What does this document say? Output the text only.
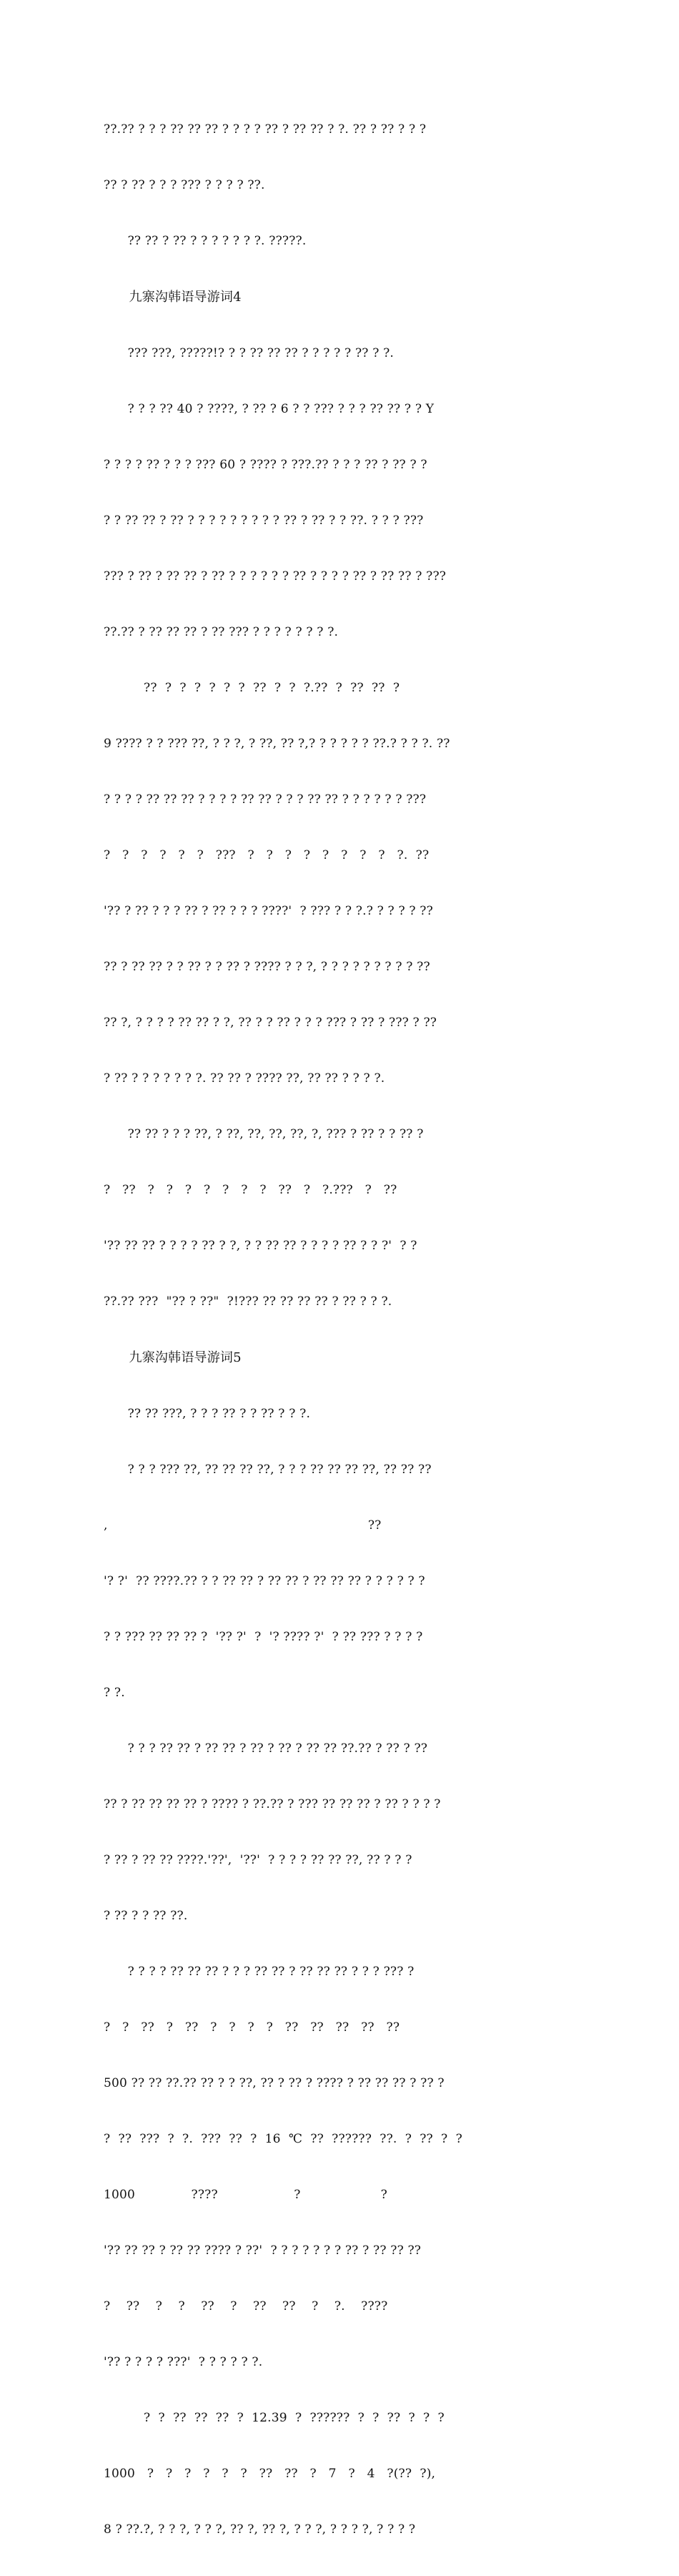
??.?? ? ? ? ?? ?? ?? ? ? ? ? ?? ? ?? ?? ? ?. ?? ? ?? ? ? ?

?? ? ?? ? ? ? ??? ? ? ? ? ??.

?? ?? ? ?? ? ? ? ? ? ? ?. ?????.

九寨沟韩语导游词4

??? ???, ?????!? ? ? ?? ?? ?? ? ? ? ? ? ?? ? ?.

? ? ? ?? 40 ? ????, ? ?? ? 6 ? ? ??? ? ? ? ?? ?? ? ? Y

? ? ? ? ?? ? ? ? ??? 60 ? ???? ? ???.?? ? ? ? ?? ? ?? ? ?

? ? ?? ?? ? ?? ? ? ? ? ? ? ? ? ? ?? ? ?? ? ? ??. ? ? ? ???

??? ? ?? ? ?? ?? ? ?? ? ? ? ? ? ? ?? ? ? ? ? ?? ? ?? ?? ? ???

??.?? ? ?? ?? ?? ? ?? ??? ? ? ? ? ? ? ? ?.

??  ?  ?  ?  ?  ?  ?  ??  ?  ?  ?.??  ?  ??  ??  ?

9 ???? ? ? ??? ??, ? ? ?, ? ??, ?? ?,? ? ? ? ? ? ??.? ? ? ?. ??

? ? ? ? ?? ?? ?? ? ? ? ? ?? ?? ? ? ? ?? ?? ? ? ? ? ? ? ???

?   ?   ?   ?   ?   ?   ???   ?   ?   ?   ?   ?   ?   ?   ?   ?.  ??

'?? ? ?? ? ? ? ?? ? ?? ? ? ? ????'  ? ??? ? ? ?.? ? ? ? ? ??

?? ? ?? ?? ? ? ?? ? ? ?? ? ???? ? ? ?, ? ? ? ? ? ? ? ? ? ??

?? ?, ? ? ? ? ?? ?? ? ?, ?? ? ? ?? ? ? ? ??? ? ?? ? ??? ? ??

? ?? ? ? ? ? ? ? ?. ?? ?? ? ???? ??, ?? ?? ? ? ? ?.

?? ?? ? ? ? ??, ? ??, ??, ??, ??, ?, ??? ? ?? ? ? ?? ?

?   ??   ?   ?   ?   ?   ?   ?   ?   ??   ?   ?.???   ?   ??

'?? ?? ?? ? ? ? ? ?? ? ?, ? ? ?? ?? ? ? ? ? ?? ? ? ?'  ? ?

??.?? ???  "?? ? ??"  ?!??? ?? ?? ?? ?? ? ?? ? ? ?.

九寨沟韩语导游词5

?? ?? ???, ? ? ? ?? ? ? ?? ? ? ?.

? ? ? ??? ??, ?? ?? ?? ??, ? ? ? ?? ?? ?? ??, ?? ?? ??

,                                                                 ??

'? ?'  ?? ????.?? ? ? ?? ?? ? ?? ?? ? ?? ?? ?? ? ? ? ? ? ?

? ? ??? ?? ?? ?? ?  '?? ?'  ?  '? ???? ?'  ? ?? ??? ? ? ? ?

? ?.

? ? ? ?? ?? ? ?? ?? ? ?? ? ?? ? ?? ?? ??.?? ? ?? ? ??

?? ? ?? ?? ?? ?? ? ???? ? ??.?? ? ??? ?? ?? ?? ? ?? ? ? ? ?

? ?? ? ?? ?? ????.'??',  '??'  ? ? ? ? ?? ?? ??, ?? ? ? ?

? ?? ? ? ?? ??.

? ? ? ? ?? ?? ?? ? ? ? ?? ?? ? ?? ?? ?? ? ? ? ??? ?

?   ?   ??   ?   ??   ?   ?   ?   ?   ??   ??   ??   ??   ??

500 ?? ?? ??.?? ?? ? ? ??, ?? ? ?? ? ???? ? ?? ?? ?? ? ?? ?

?  ??  ???  ?  ?.  ???  ??  ?  16  ℃  ??  ??????  ??.  ?  ??  ?  ?

1000              ????                   ?                    ?

'?? ?? ?? ? ?? ?? ???? ? ??'  ? ? ? ? ? ? ? ?? ? ?? ?? ??

?    ??    ?    ?    ??    ?    ??    ??    ?    ?.    ????

'?? ? ? ? ? ???'  ? ? ? ? ? ?.

?  ?  ??  ??  ??  ?  12.39  ?  ??????  ?  ?  ??  ?  ?  ?

1000   ?   ?   ?   ?   ?   ?   ??   ??   ?   7   ?   4   ?(??  ?),

8 ? ??.?, ? ? ?, ? ? ?, ?? ?, ?? ?, ? ? ?, ? ? ? ?, ? ? ? ?
